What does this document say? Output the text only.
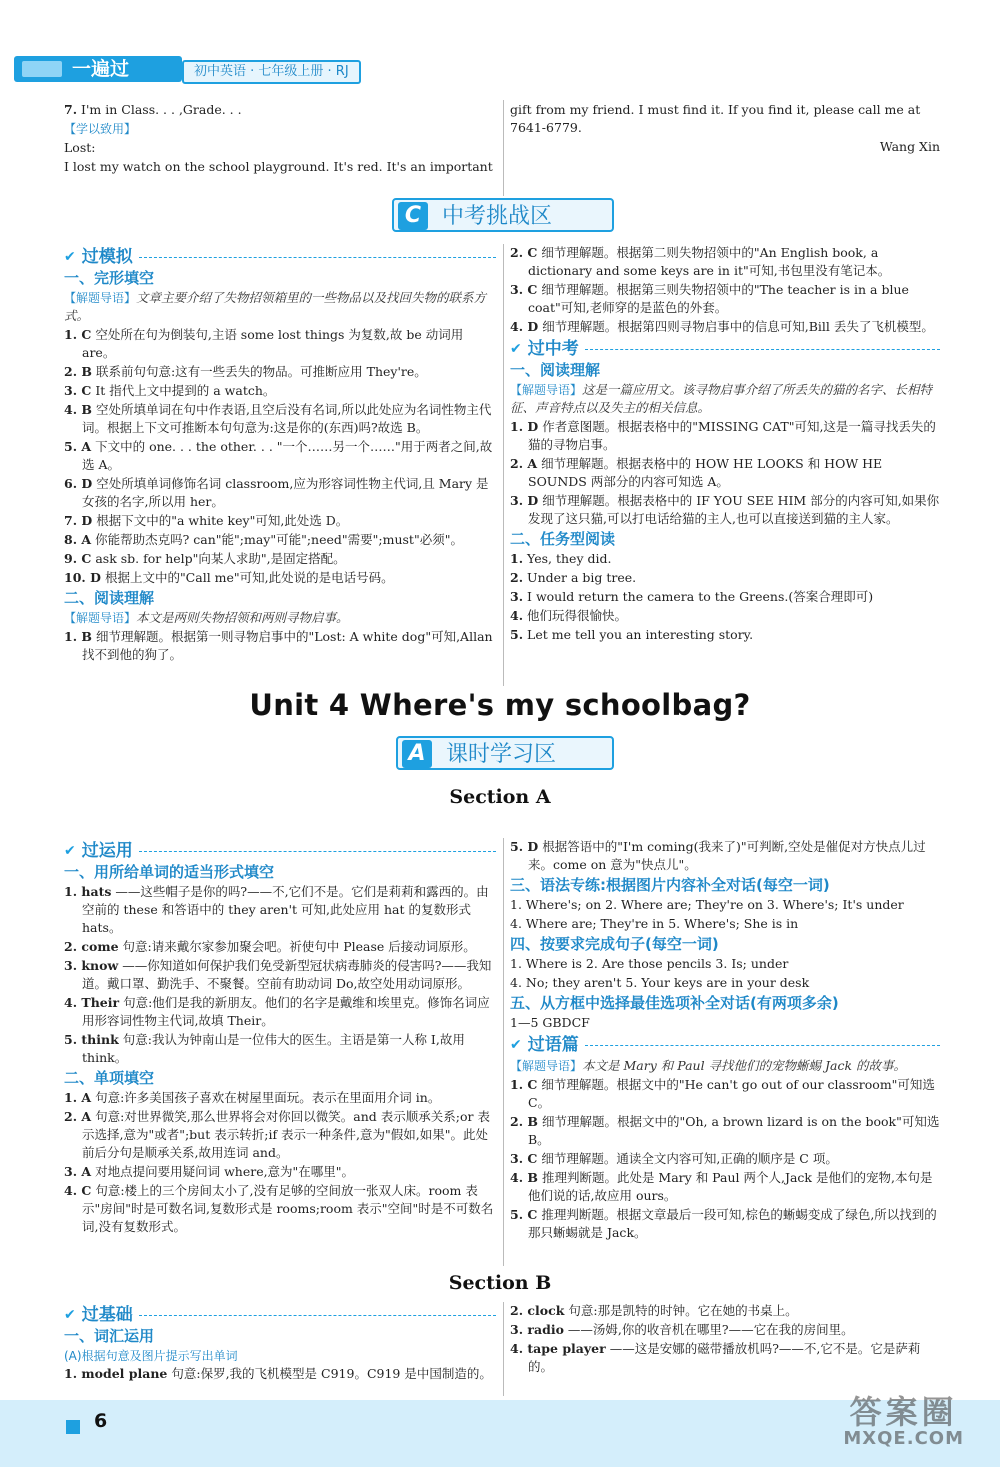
一遍过	初中英语 · 七年级上册 · RJ

7. I'm in Class. . . ,Grade. . .

【学以致用】

Lost:

I lost my watch on the school playground. It's red. It's an important

gift from my friend. I must find it. If you find it, please call me at 7641-6779.

Wang Xin

C 中考挑战区
✔ 过模拟
一、完形填空

【解题导语】文章主要介绍了失物招领箱里的一些物品以及找回失物的联系方式。

1. C 空处所在句为倒装句,主语 some lost things 为复数,故 be 动词用 are。

2. B 联系前句句意:这有一些丢失的物品。可推断应用 They're。

3. C It 指代上文中提到的 a watch。

4. B 空处所填单词在句中作表语,且空后没有名词,所以此处应为名词性物主代词。根据上下文可推断本句句意为:这是你的(东西)吗?故选 B。

5. A 下文中的 one. . . the other. . . "一个……另一个……"用于两者之间,故选 A。

6. D 空处所填单词修饰名词 classroom,应为形容词性物主代词,且 Mary 是女孩的名字,所以用 her。

7. D 根据下文中的"a white key"可知,此处选 D。

8. A 你能帮助杰克吗? can"能";may"可能";need"需要";must"必须"。

9. C ask sb. for help"向某人求助",是固定搭配。

10. D 根据上文中的"Call me"可知,此处说的是电话号码。

二、阅读理解

【解题导语】本文是两则失物招领和两则寻物启事。

1. B 细节理解题。根据第一则寻物启事中的"Lost: A white dog"可知,Allan 找不到他的狗了。

2. C 细节理解题。根据第二则失物招领中的"An English book, a dictionary and some keys are in it"可知,书包里没有笔记本。

3. C 细节理解题。根据第三则失物招领中的"The teacher is in a blue coat"可知,老师穿的是蓝色的外套。

4. D 细节理解题。根据第四则寻物启事中的信息可知,Bill 丢失了飞机模型。

✔ 过中考
一、阅读理解

【解题导语】这是一篇应用文。该寻物启事介绍了所丢失的猫的名字、长相特征、声音特点以及失主的相关信息。

1. D 作者意图题。根据表格中的"MISSING CAT"可知,这是一篇寻找丢失的猫的寻物启事。

2. A 细节理解题。根据表格中的 HOW HE LOOKS 和 HOW HE SOUNDS 两部分的内容可知选 A。

3. D 细节理解题。根据表格中的 IF YOU SEE HIM 部分的内容可知,如果你发现了这只猫,可以打电话给猫的主人,也可以直接送到猫的主人家。

二、任务型阅读

1. Yes, they did.

2. Under a big tree.

3. I would return the camera to the Greens.(答案合理即可)

4. 他们玩得很愉快。

5. Let me tell you an interesting story.

Unit 4 Where's my schoolbag?
A 课时学习区
Section A
✔ 过运用
一、用所给单词的适当形式填空

1. hats ——这些帽子是你的吗?——不,它们不是。它们是莉莉和露西的。由空前的 these 和答语中的 they aren't 可知,此处应用 hat 的复数形式 hats。

2. come 句意:请来戴尔家参加聚会吧。祈使句中 Please 后接动词原形。

3. know ——你知道如何保护我们免受新型冠状病毒肺炎的侵害吗?——我知道。戴口罩、勤洗手、不聚餐。空前有助动词 Do,故空处用动词原形。

4. Their 句意:他们是我的新朋友。他们的名字是戴维和埃里克。修饰名词应用形容词性物主代词,故填 Their。

5. think 句意:我认为钟南山是一位伟大的医生。主语是第一人称 I,故用 think。

二、单项填空

1. A 句意:许多美国孩子喜欢在树屋里面玩。表示在里面用介词 in。

2. A 句意:对世界微笑,那么世界将会对你回以微笑。and 表示顺承关系;or 表示选择,意为"或者";but 表示转折;if 表示一种条件,意为"假如,如果"。此处前后分句是顺承关系,故用连词 and。

3. A 对地点提问要用疑问词 where,意为"在哪里"。

4. C 句意:楼上的三个房间太小了,没有足够的空间放一张双人床。room 表示"房间"时是可数名词,复数形式是 rooms;room 表示"空间"时是不可数名词,没有复数形式。

5. D 根据答语中的"I'm coming(我来了)"可判断,空处是催促对方快点儿过来。come on 意为"快点儿"。

三、语法专练:根据图片内容补全对话(每空一词)

1. Where's; on 2. Where are; They're on 3. Where's; It's under

4. Where are; They're in 5. Where's; She is in

四、按要求完成句子(每空一词)

1. Where is 2. Are those pencils 3. Is; under

4. No; they aren't 5. Your keys are in your desk

五、从方框中选择最佳选项补全对话(有两项多余)

1—5 GBDCF

✔ 过语篇

【解题导语】本文是 Mary 和 Paul 寻找他们的宠物蜥蜴 Jack 的故事。

1. C 细节理解题。根据文中的"He can't go out of our classroom"可知选 C。

2. B 细节理解题。根据文中的"Oh, a brown lizard is on the book"可知选 B。

3. C 细节理解题。通读全文内容可知,正确的顺序是 C 项。

4. B 推理判断题。此处是 Mary 和 Paul 两个人,Jack 是他们的宠物,本句是他们说的话,故应用 ours。

5. C 推理判断题。根据文章最后一段可知,棕色的蜥蜴变成了绿色,所以找到的那只蜥蜴就是 Jack。

Section B
✔ 过基础
一、词汇运用
(A)根据句意及图片提示写出单词

1. model plane 句意:保罗,我的飞机模型是 C919。C919 是中国制造的。

2. clock 句意:那是凯特的时钟。它在她的书桌上。

3. radio ——汤姆,你的收音机在哪里?——它在我的房间里。

4. tape player ——这是安娜的磁带播放机吗?——不,它不是。它是萨莉的。

6	答案圈
MXQE.COM
